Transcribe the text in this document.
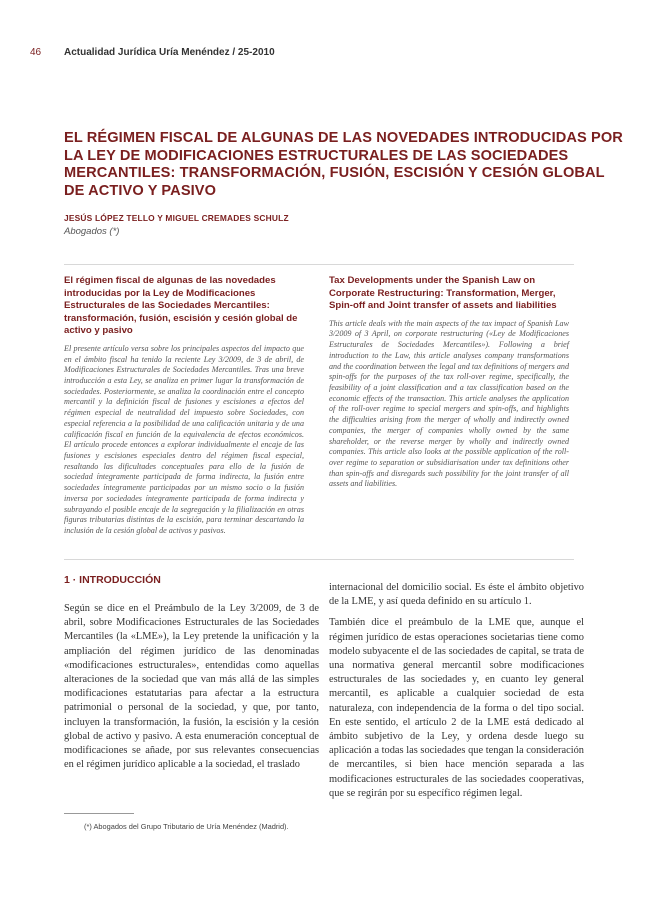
46 Actualidad Jurídica Uría Menéndez / 25-2010
EL RÉGIMEN FISCAL DE ALGUNAS DE LAS NOVEDADES INTRODUCIDAS POR LA LEY DE MODIFICACIONES ESTRUCTURALES DE LAS SOCIEDADES MERCANTILES: TRANSFORMACIÓN, FUSIÓN, ESCISIÓN Y CESIÓN GLOBAL DE ACTIVO Y PASIVO
JESÚS LÓPEZ TELLO Y MIGUEL CREMADES SCHULZ
Abogados (*)

El régimen fiscal de algunas de las novedades introducidas por la Ley de Modificaciones Estructurales de las Sociedades Mercantiles: transformación, fusión, escisión y cesión global de activo y pasivo

El presente artículo versa sobre los principales aspectos del impacto que en el ámbito fiscal ha tenido la reciente Ley 3/2009, de 3 de abril, de Modificaciones Estructurales de Sociedades Mercantiles. Tras una breve introducción a esta Ley, se analiza en primer lugar la transformación de sociedades. Posteriormente, se analiza la coordinación entre el concepto mercantil y la definición fiscal de fusiones y escisiones a efectos del régimen especial de neutralidad del impuesto sobre Sociedades, con especial referencia a la posibilidad de una calificación unitaria y de una calificación fiscal en función de la equivalencia de efectos económicos. El artículo procede entonces a explorar individualmente el encaje de las fusiones y escisiones especiales dentro del régimen fiscal especial, resaltando las dificultades conceptuales para ello de la fusión de sociedad íntegramente participada de forma indirecta, la fusión entre sociedades íntegramente participadas por un mismo socio o la fusión inversa por sociedades íntegramente participada de forma indirecta y subrayando el posible encaje de la segregación y la filialización en otras figuras tributarias distintas de la escisión, para terminar descartando la inclusión de la cesión global de activos y pasivos.

Tax Developments under the Spanish Law on Corporate Restructuring: Transformation, Merger, Spin-off and Joint transfer of assets and liabilities

This article deals with the main aspects of the tax impact of Spanish Law 3/2009 of 3 April, on corporate restructuring («Ley de Modificaciones Estructurales de Sociedades Mercantiles»). Following a brief introduction to the Law, this article analyses company transformations and the coordination between the legal and tax definitions of mergers and spin-offs for the purposes of the tax roll-over regime, specifically, the feasibility of a joint classification and a tax classification based on the economic effects of the transaction. This article analyses the application of the roll-over regime to special mergers and spin-offs, and highlights the difficulties arising from the merger of wholly and indirectly owned companies, the merger of companies wholly owned by the same shareholder, or the reverse merger by wholly and indirectly owned companies. This article also looks at the possible application of the roll-over regime to separation or subsidiarisation under tax definitions other than spin-offs and disregards such possibility for the joint transfer of all assets and liabilities.

1 · INTRODUCCIÓN

Según se dice en el Preámbulo de la Ley 3/2009, de 3 de abril, sobre Modificaciones Estructurales de las Sociedades Mercantiles (la «LME»), la Ley pretende la unificación y la ampliación del régimen jurídico de las denominadas «modificaciones estructurales», entendidas como aquellas alteraciones de la sociedad que van más allá de las simples modificaciones estatutarias para afectar a la estructura patrimonial o personal de la sociedad, y que, por tanto, incluyen la transformación, la fusión, la escisión y la cesión global de activo y pasivo. A esta enumeración conceptual de modificaciones se añade, por sus relevantes consecuencias en el régimen jurídico aplicable a la sociedad, el traslado

internacional del domicilio social. Es éste el ámbito objetivo de la LME, y así queda definido en su artículo 1.

También dice el preámbulo de la LME que, aunque el régimen jurídico de estas operaciones societarias tiene como modelo subyacente el de las sociedades de capital, se trata de una normativa general mercantil sobre modificaciones estructurales de las sociedades y, en cuanto ley general mercantil, es aplicable a cualquier sociedad de esta naturaleza, con independencia de la forma o del tipo social. En este sentido, el artículo 2 de la LME está dedicado al ámbito subjetivo de la Ley, y ordena desde luego su aplicación a todas las sociedades que tengan la consideración de mercantiles, si bien hace mención separada a las modificaciones estructurales de las sociedades cooperativas, que se regirán por su específico régimen legal.

(*) Abogados del Grupo Tributario de Uría Menéndez (Madrid).
